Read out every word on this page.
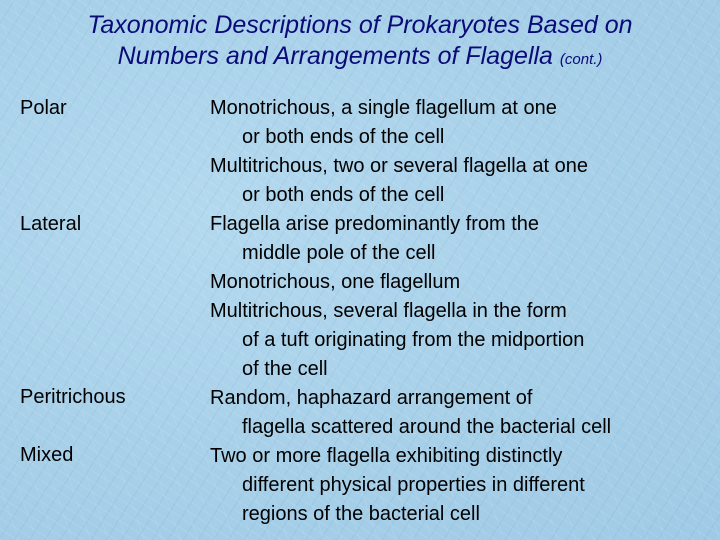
Taxonomic Descriptions of Prokaryotes Based on
Numbers and Arrangements of Flagella (cont.)
Polar
Lateral
Peritrichous
Mixed
Monotrichous, a single flagellum at one
or both ends of the cell
Multitrichous, two or several flagella at one
or both ends of the cell
Flagella arise predominantly from the
middle pole of the cell
Monotrichous, one flagellum
Multitrichous, several flagella in the form
of a tuft originating from the midportion
of the cell
Random, haphazard arrangement of
flagella scattered around the bacterial cell
Two or more flagella exhibiting distinctly
different physical properties in different
regions of the bacterial cell
